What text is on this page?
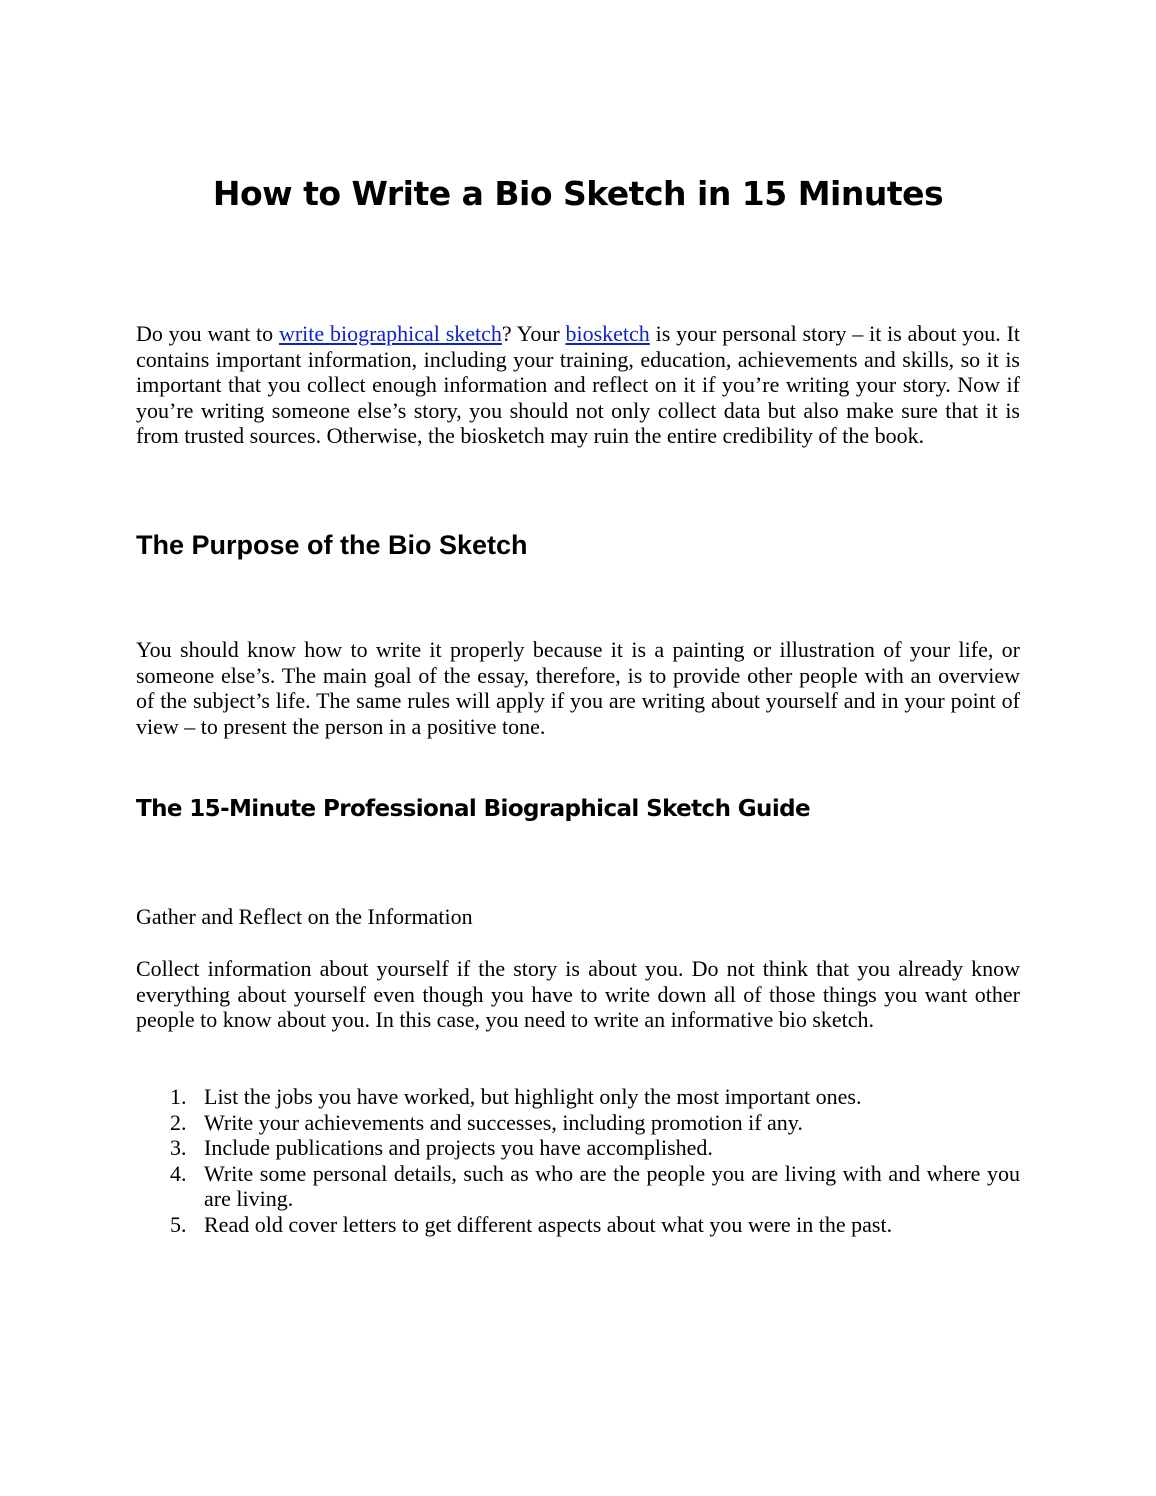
How to Write a Bio Sketch in 15 Minutes

Do you want to write biographical sketch? Your biosketch is your personal story – it is about you. It contains important information, including your training, education, achievements and skills, so it is important that you collect enough information and reflect on it if you’re writing your story. Now if you’re writing someone else’s story, you should not only collect data but also make sure that it is from trusted sources. Otherwise, the biosketch may ruin the entire credibility of the book.

The Purpose of the Bio Sketch

You should know how to write it properly because it is a painting or illustration of your life, or someone else’s. The main goal of the essay, therefore, is to provide other people with an overview of the subject’s life. The same rules will apply if you are writing about yourself and in your point of view – to present the person in a positive tone.

The 15-Minute Professional Biographical Sketch Guide

Gather and Reflect on the Information

Collect information about yourself if the story is about you. Do not think that you already know everything about yourself even though you have to write down all of those things you want other people to know about you. In this case, you need to write an informative bio sketch.

1. List the jobs you have worked, but highlight only the most important ones.
2. Write your achievements and successes, including promotion if any.
3. Include publications and projects you have accomplished.
4. Write some personal details, such as who are the people you are living with and where you are living.
5. Read old cover letters to get different aspects about what you were in the past.
